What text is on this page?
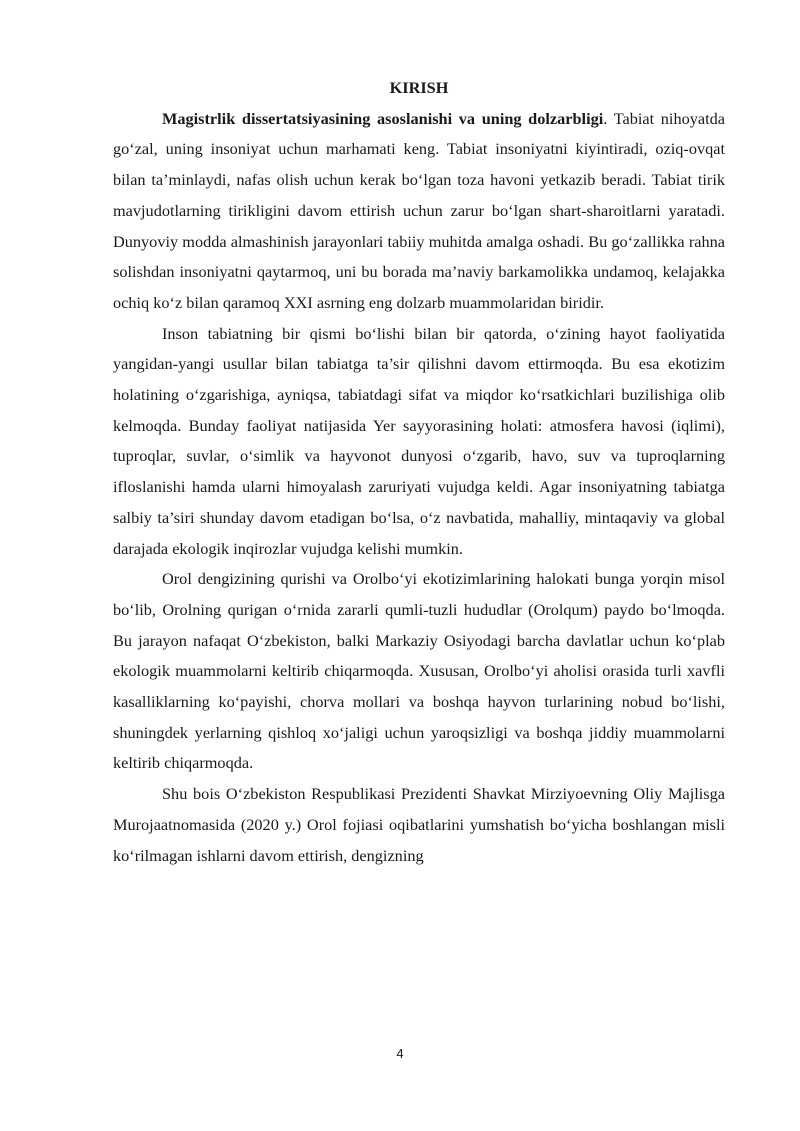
KIRISH

Magistrlik dissertatsiyasining asoslanishi va uning dolzarbligi. Tabiat nihoyatda go‘zal, uning insoniyat uchun marhamati keng. Tabiat insoniyatni kiyintiradi, oziq-ovqat bilan ta’minlaydi, nafas olish uchun kerak bo‘lgan toza havoni yetkazib beradi. Tabiat tirik mavjudotlarning tirikligini davom ettirish uchun zarur bo‘lgan shart-sharoitlarni yaratadi. Dunyoviy modda almashinish jarayonlari tabiiy muhitda amalga oshadi. Bu go‘zallikka rahna solishdan insoniyatni qaytarmoq, uni bu borada ma’naviy barkamolikka undamoq, kelajakka ochiq ko‘z bilan qaramoq XXI asrning eng dolzarb muammolaridan biridir.

Inson tabiatning bir qismi bo‘lishi bilan bir qatorda, o‘zining hayot faoliyatida yangidan-yangi usullar bilan tabiatga ta’sir qilishni davom ettirmoqda. Bu esa ekotizim holatining o‘zgarishiga, ayniqsa, tabiatdagi sifat va miqdor ko‘rsatkichlari buzilishiga olib kelmoqda. Bunday faoliyat natijasida Yer sayyorasining holati: atmosfera havosi (iqlimi), tuproqlar, suvlar, o‘simlik va hayvonot dunyosi o‘zgarib, havo, suv va tuproqlarning ifloslanishi hamda ularni himoyalash zaruriyati vujudga keldi. Agar insoniyatning tabiatga salbiy ta’siri shunday davom etadigan bo‘lsa, o‘z navbatida, mahalliy, mintaqaviy va global darajada ekologik inqirozlar vujudga kelishi mumkin.

Orol dengizining qurishi va Orolbo‘yi ekotizimlarining halokati bunga yorqin misol bo‘lib, Orolning qurigan o‘rnida zararli qumli-tuzli hududlar (Orolqum) paydo bo‘lmoqda. Bu jarayon nafaqat O‘zbekiston, balki Markaziy Osiyodagi barcha davlatlar uchun ko‘plab ekologik muammolarni keltirib chiqarmoqda. Xususan, Orolbo‘yi aholisi orasida turli xavfli kasalliklarning ko‘payishi, chorva mollari va boshqa hayvon turlarining nobud bo‘lishi, shuningdek yerlarning qishloq xo‘jaligi uchun yaroqsizligi va boshqa jiddiy muammolarni keltirib chiqarmoqda.

Shu bois O‘zbekiston Respublikasi Prezidenti Shavkat Mirziyoevning Oliy Majlisga Murojaatnomasida (2020 y.) Orol fojiasi oqibatlarini yumshatish bo‘yicha boshlangan misli ko‘rilmagan ishlarni davom ettirish, dengizning

4
